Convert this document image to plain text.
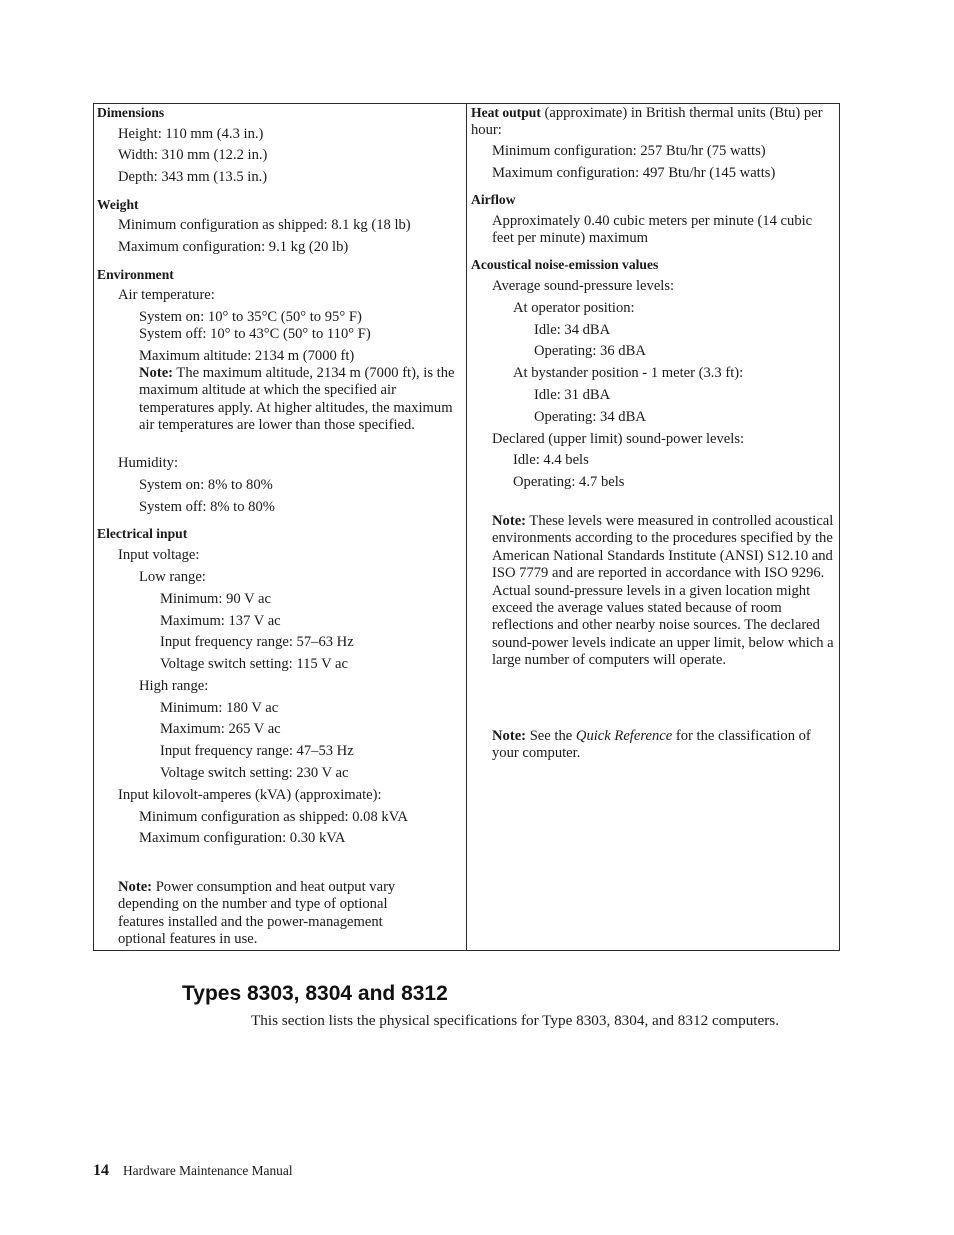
Dimensions

Height: 110 mm (4.3 in.)

Width: 310 mm (12.2 in.)

Depth: 343 mm (13.5 in.)

Weight

Minimum configuration as shipped: 8.1 kg (18 lb)

Maximum configuration: 9.1 kg (20 lb)

Environment

Air temperature:

System on: 10° to 35°C (50° to 95° F)

System off: 10° to 43°C (50° to 110° F)

Maximum altitude: 2134 m (7000 ft)

Note: The maximum altitude, 2134 m (7000 ft), is the maximum altitude at which the specified air temperatures apply. At higher altitudes, the maximum air temperatures are lower than those specified.

Humidity:

System on: 8% to 80%

System off: 8% to 80%

Electrical input

Input voltage:

Low range:

Minimum: 90 V ac

Maximum: 137 V ac

Input frequency range: 57–63 Hz

Voltage switch setting: 115 V ac

High range:

Minimum: 180 V ac

Maximum: 265 V ac

Input frequency range: 47–53 Hz

Voltage switch setting: 230 V ac

Input kilovolt-amperes (kVA) (approximate):

Minimum configuration as shipped: 0.08 kVA

Maximum configuration: 0.30 kVA

Note: Power consumption and heat output vary depending on the number and type of optional features installed and the power-management optional features in use.

Heat output (approximate) in British thermal units (Btu) per hour:

Minimum configuration: 257 Btu/hr (75 watts)

Maximum configuration: 497 Btu/hr (145 watts)

Airflow

Approximately 0.40 cubic meters per minute (14 cubic feet per minute) maximum

Acoustical noise-emission values

Average sound-pressure levels:

At operator position:

Idle: 34 dBA

Operating: 36 dBA

At bystander position - 1 meter (3.3 ft):

Idle: 31 dBA

Operating: 34 dBA

Declared (upper limit) sound-power levels:

Idle: 4.4 bels

Operating: 4.7 bels

Note: These levels were measured in controlled acoustical environments according to the procedures specified by the American National Standards Institute (ANSI) S12.10 and ISO 7779 and are reported in accordance with ISO 9296. Actual sound-pressure levels in a given location might exceed the average values stated because of room reflections and other nearby noise sources. The declared sound-power levels indicate an upper limit, below which a large number of computers will operate.

Note: See the Quick Reference for the classification of your computer.

Types 8303, 8304 and 8312

This section lists the physical specifications for Type 8303, 8304, and 8312 computers.

14 Hardware Maintenance Manual
